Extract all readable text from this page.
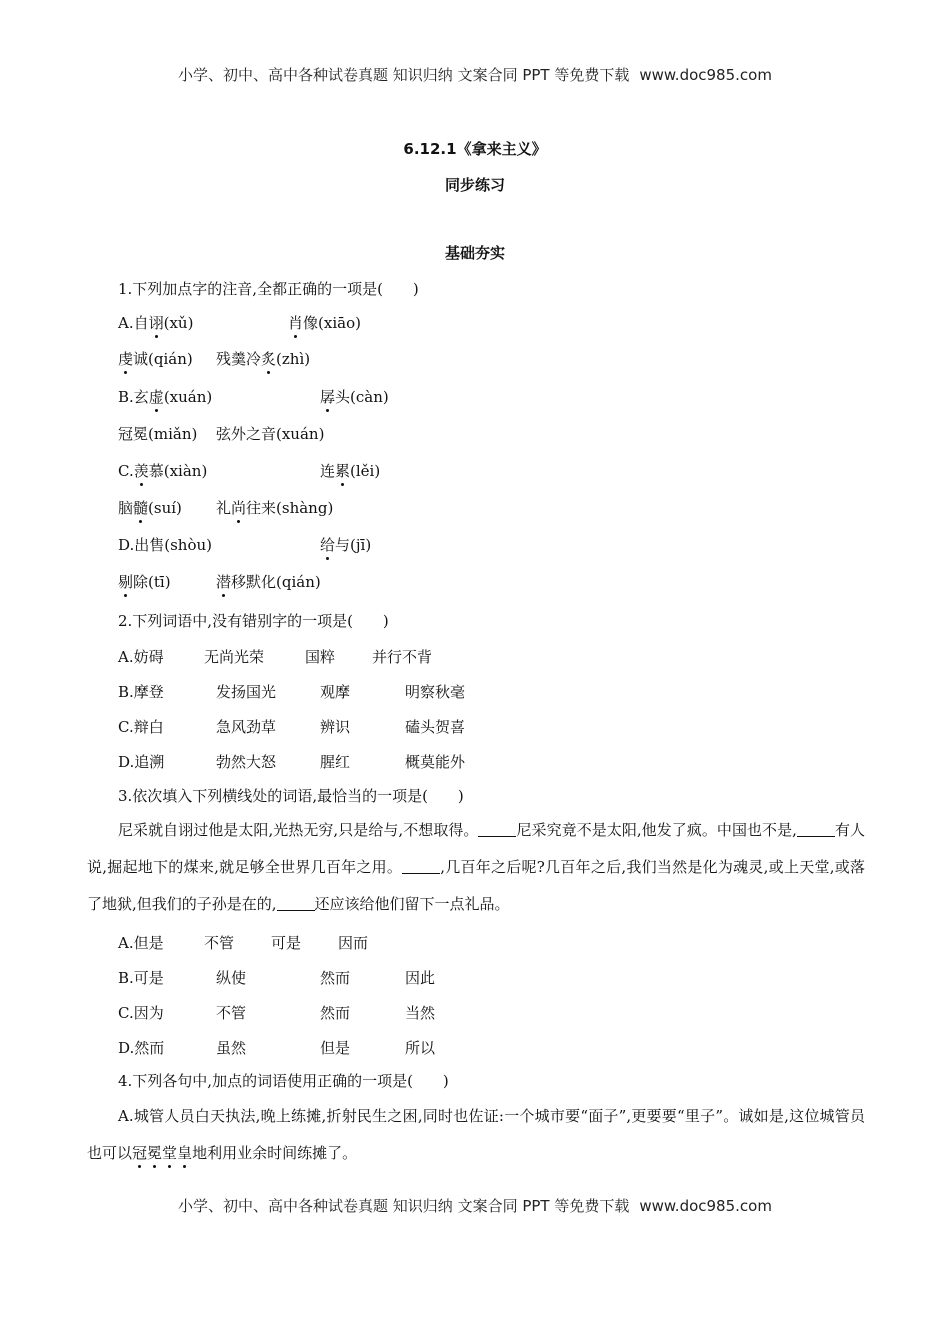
小学、初中、高中各种试卷真题 知识归纳 文案合同 PPT 等免费下载 www.doc985.com
6.12.1《拿来主义》
同步练习
基础夯实
1.下列加点字的注音,全都正确的一项是(　　)
A.自诩(xǔ)	肖像(xiāo)
虔诚(qián) 残羹冷炙(zhì)
B.玄虚(xuán)	孱头(càn)
冠冕(miǎn) 弦外之音(xuán)
C.羡慕(xiàn)	连累(lěi)
脑髓(suí) 礼尚往来(shàng)
D.出售(shòu)	给与(jī)
剔除(tī)	潜移默化(qián)
2.下列词语中,没有错别字的一项是(　　)
A.妨碍	无尚光荣	国粹 并行不背
B.摩登	发扬国光	观摩	明察秋毫
C.辩白	急风劲草	辨识	磕头贺喜
D.追溯	勃然大怒	腥红	概莫能外
3.依次填入下列横线处的词语,最恰当的一项是(　　)
尼采就自诩过他是太阳,光热无穷,只是给与,不想取得。	尼采究竟不是太阳,他发了疯。中国也不是,	有人说,掘起地下的煤来,就足够全世界几百年之用。	,几百年之后呢?几百年之后,我们当然是化为魂灵,或上天堂,或落了地狱,但我们的子孙是在的,	还应该给他们留下一点礼品。
A.但是	不管 可是 因而
B.可是	纵使	然而	因此
C.因为	不管	然而	当然
D.然而	虽然	但是	所以
4.下列各句中,加点的词语使用正确的一项是(　　)
A.城管人员白天执法,晚上练摊,折射民生之困,同时也佐证:一个城市要“面子”,更要要“里子”。诚如是,这位城管员也可以冠冕堂皇地利用业余时间练摊了。
小学、初中、高中各种试卷真题 知识归纳 文案合同 PPT 等免费下载 www.doc985.com
